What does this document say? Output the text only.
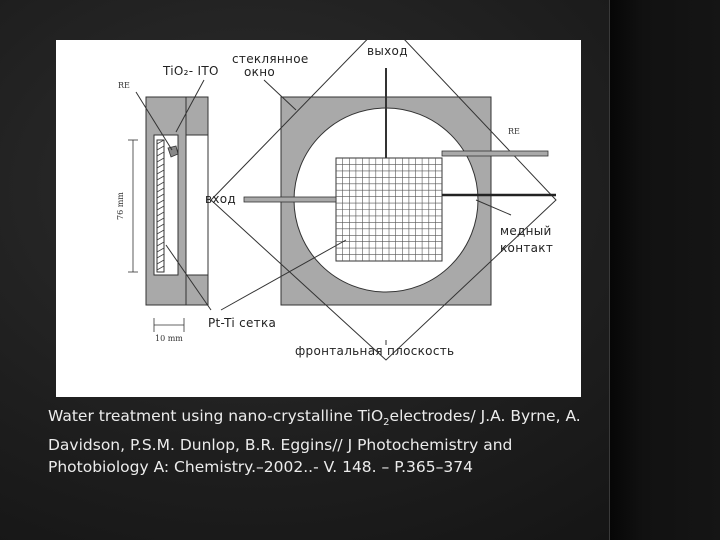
TiO₂- ITO
стеклянное
окно
выход
RE
RE
76 mm	вход
медный
контакт
Pt-Ti сетка
10 mm
фронтальная плоскость
Water treatment using nano-crystalline TiO$_2$electrodes/ J.A. Byrne, A. Davidson, P.S.M. Dunlop, B.R. Eggins// J Photochemistry and Photobiology A: Chemistry.–2002..- V. 148. – P.365–374
